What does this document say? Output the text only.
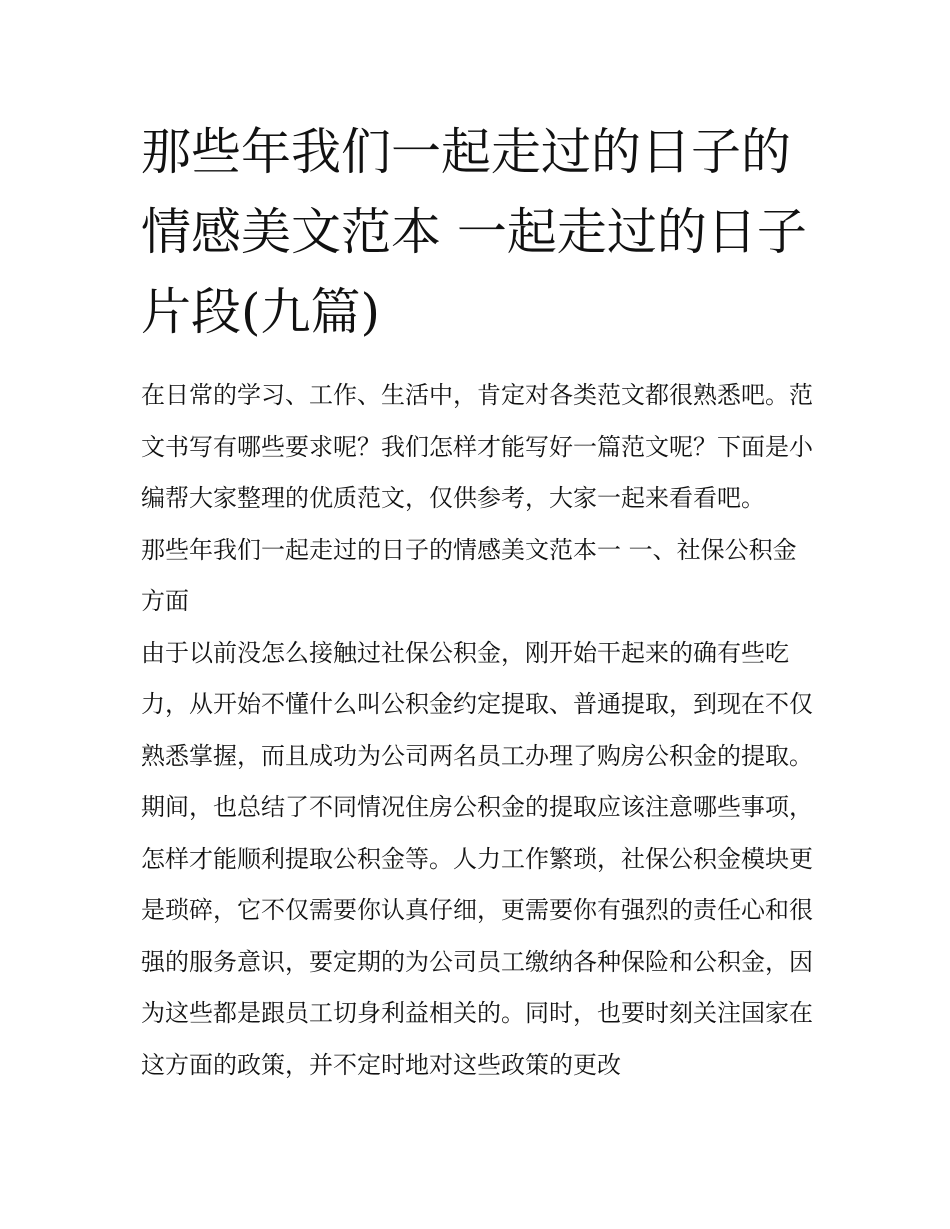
那些年我们一起走过的日子的情感美文范本 一起走过的日子片段(九篇)

在日常的学习、工作、生活中，肯定对各类范文都很熟悉吧。范文书写有哪些要求呢？我们怎样才能写好一篇范文呢？下面是小编帮大家整理的优质范文，仅供参考，大家一起来看看吧。

那些年我们一起走过的日子的情感美文范本一 一、社保公积金方面

由于以前没怎么接触过社保公积金，刚开始干起来的确有些吃力，从开始不懂什么叫公积金约定提取、普通提取，到现在不仅熟悉掌握，而且成功为公司两名员工办理了购房公积金的提取。期间，也总结了不同情况住房公积金的提取应该注意哪些事项，怎样才能顺利提取公积金等。人力工作繁琐，社保公积金模块更是琐碎，它不仅需要你认真仔细，更需要你有强烈的责任心和很强的服务意识，要定期的为公司员工缴纳各种保险和公积金，因为这些都是跟员工切身利益相关的。同时，也要时刻关注国家在这方面的政策，并不定时地对这些政策的更改
